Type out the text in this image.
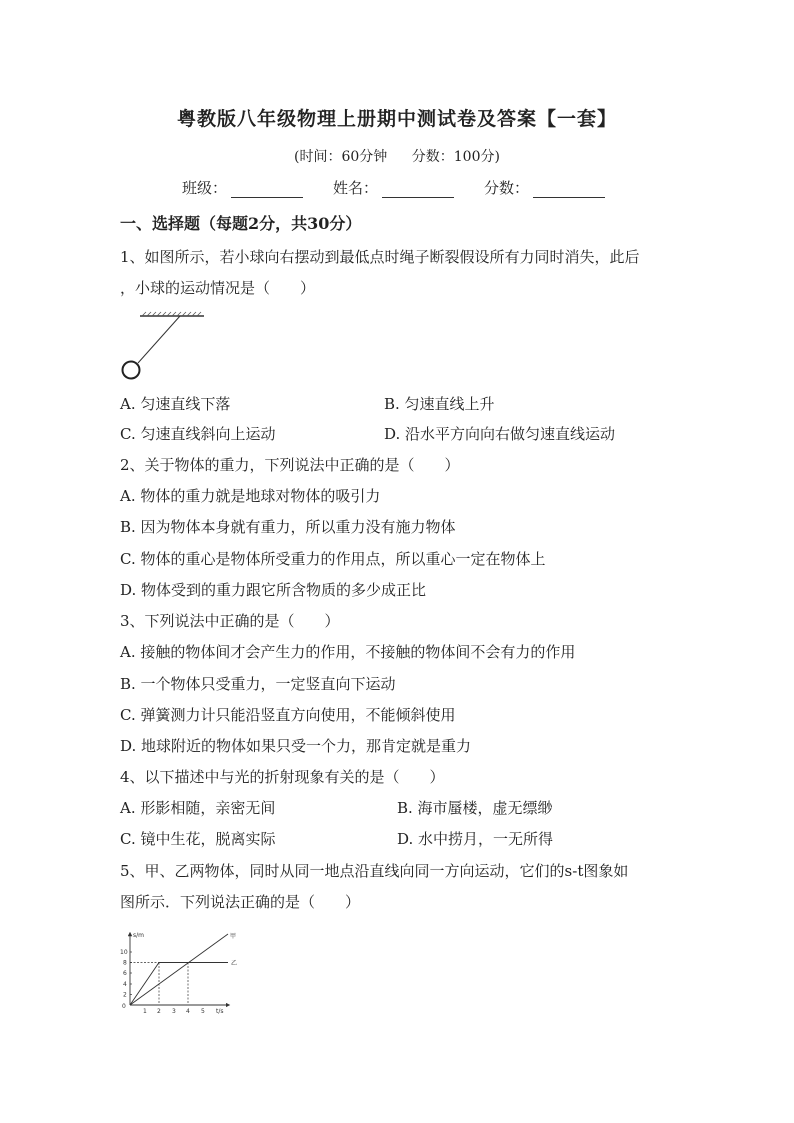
粤教版八年级物理上册期中测试卷及答案【一套】
(时间：60分钟 分数：100分)
班级：	姓名：	分数：
一、选择题（每题2分，共30分）
1、如图所示，若小球向右摆动到最低点时绳子断裂假设所有力同时消失，此后
，小球的运动情况是（　　）
A. 匀速直线下落	B. 匀速直线上升
C. 匀速直线斜向上运动	D. 沿水平方向向右做匀速直线运动
2、关于物体的重力，下列说法中正确的是（　　）
A. 物体的重力就是地球对物体的吸引力
B. 因为物体本身就有重力，所以重力没有施力物体
C. 物体的重心是物体所受重力的作用点，所以重心一定在物体上
D. 物体受到的重力跟它所含物质的多少成正比
3、下列说法中正确的是（　　）
A. 接触的物体间才会产生力的作用，不接触的物体间不会有力的作用
B. 一个物体只受重力，一定竖直向下运动
C. 弹簧测力计只能沿竖直方向使用，不能倾斜使用
D. 地球附近的物体如果只受一个力，那肯定就是重力
4、以下描述中与光的折射现象有关的是（　　）
A. 形影相随，亲密无间	B. 海市蜃楼，虚无缥缈
C. 镜中生花，脱离实际	D. 水中捞月，一无所得
5、甲、乙两物体，同时从同一地点沿直线向同一方向运动，它们的s-t图象如
图所示．下列说法正确的是（　　）
s/m
t/s
0
2
4
6
8
10
1 2 3 4 5
甲
乙
